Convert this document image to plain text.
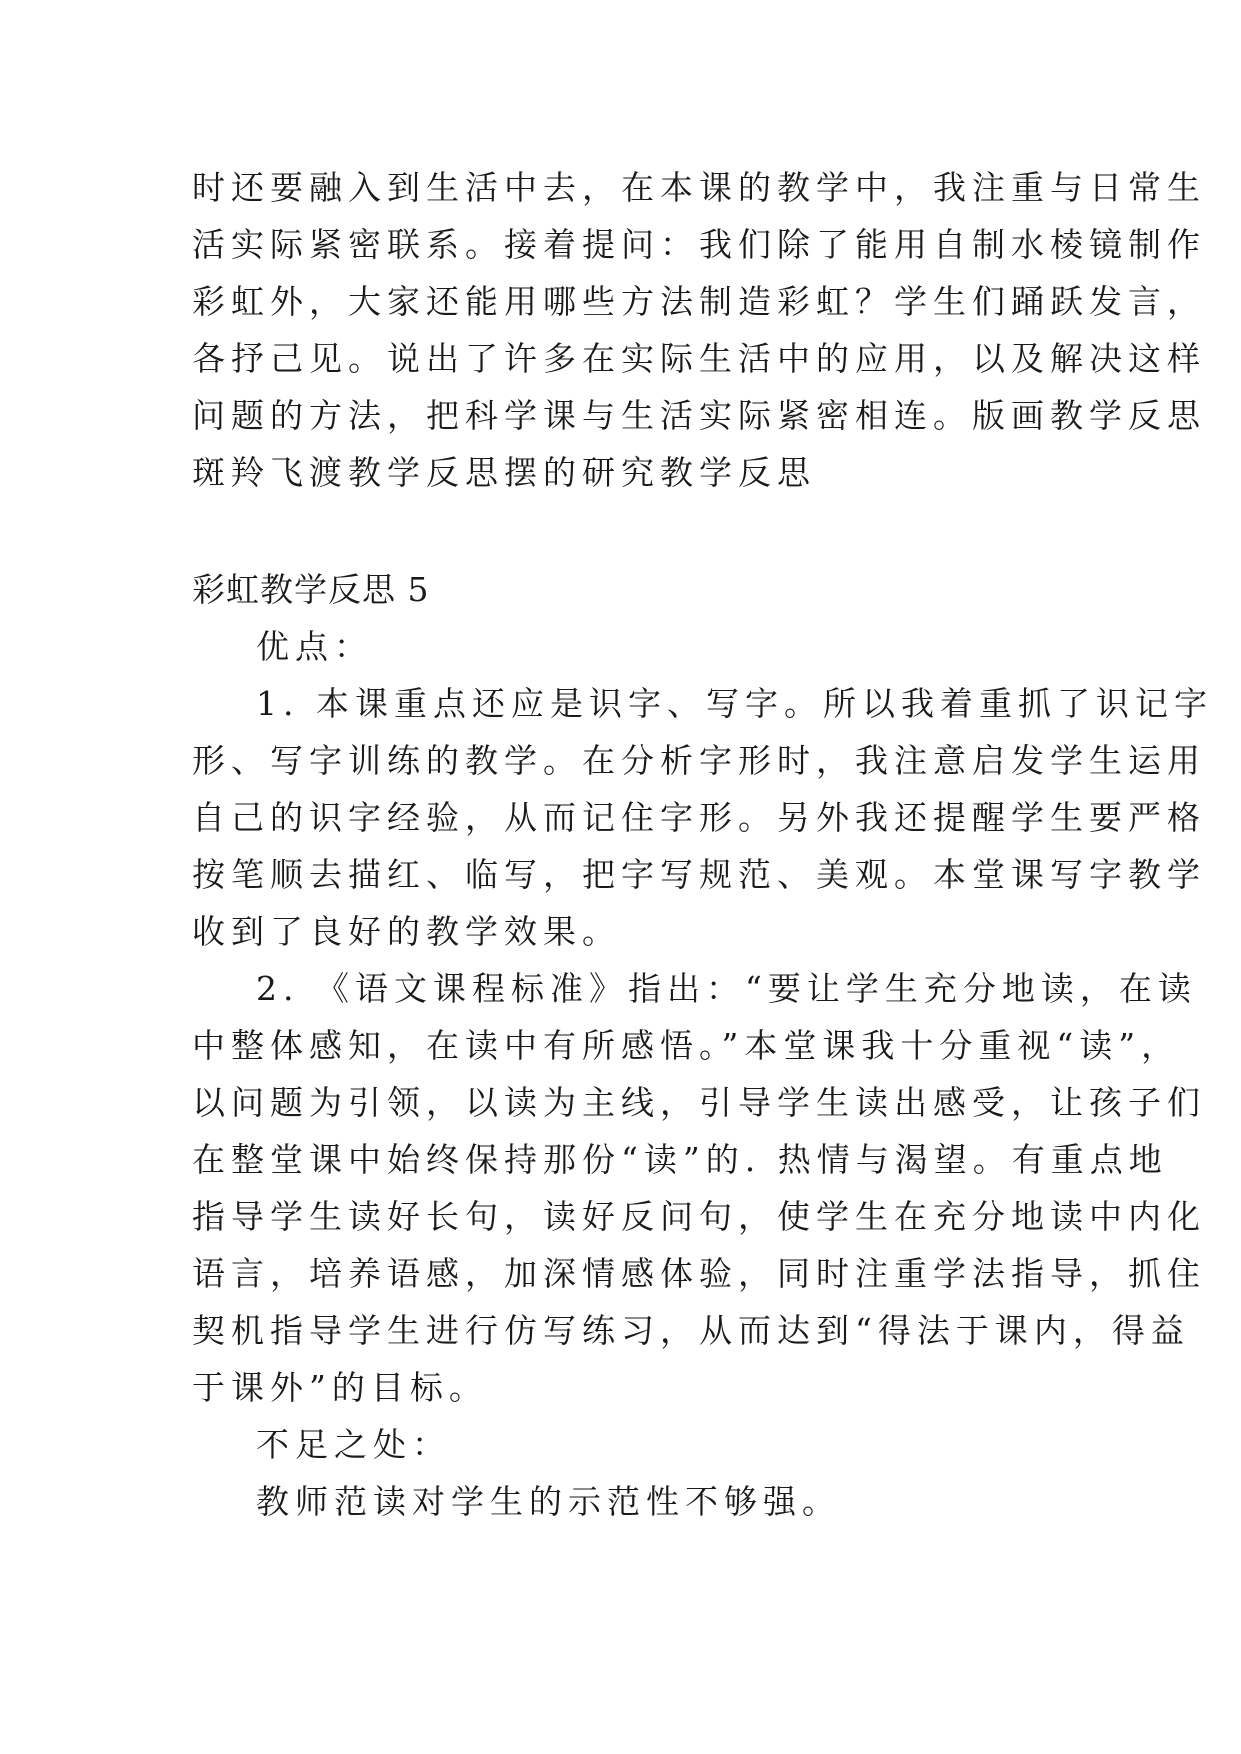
时还要融入到生活中去，在本课的教学中，我注重与日常生
活实际紧密联系。接着提问：我们除了能用自制水棱镜制作
彩虹外，大家还能用哪些方法制造彩虹？学生们踊跃发言，
各抒己见。说出了许多在实际生活中的应用，以及解决这样
问题的方法，把科学课与生活实际紧密相连。版画教学反思
斑羚飞渡教学反思摆的研究教学反思
彩虹教学反思 5
优点：
1. 本课重点还应是识字、写字。所以我着重抓了识记字
形、写字训练的教学。在分析字形时，我注意启发学生运用
自己的识字经验，从而记住字形。另外我还提醒学生要严格
按笔顺去描红、临写，把字写规范、美观。本堂课写字教学
收到了良好的教学效果。
2. 《语文课程标准》指出：“要让学生充分地读，在读
中整体感知，在读中有所感悟。”本堂课我十分重视“读”，
以问题为引领，以读为主线，引导学生读出感受，让孩子们
在整堂课中始终保持那份“读”的. 热情与渴望。有重点地
指导学生读好长句，读好反问句，使学生在充分地读中内化
语言，培养语感，加深情感体验，同时注重学法指导，抓住
契机指导学生进行仿写练习，从而达到“得法于课内，得益
于课外”的目标。
不足之处：
教师范读对学生的示范性不够强。
